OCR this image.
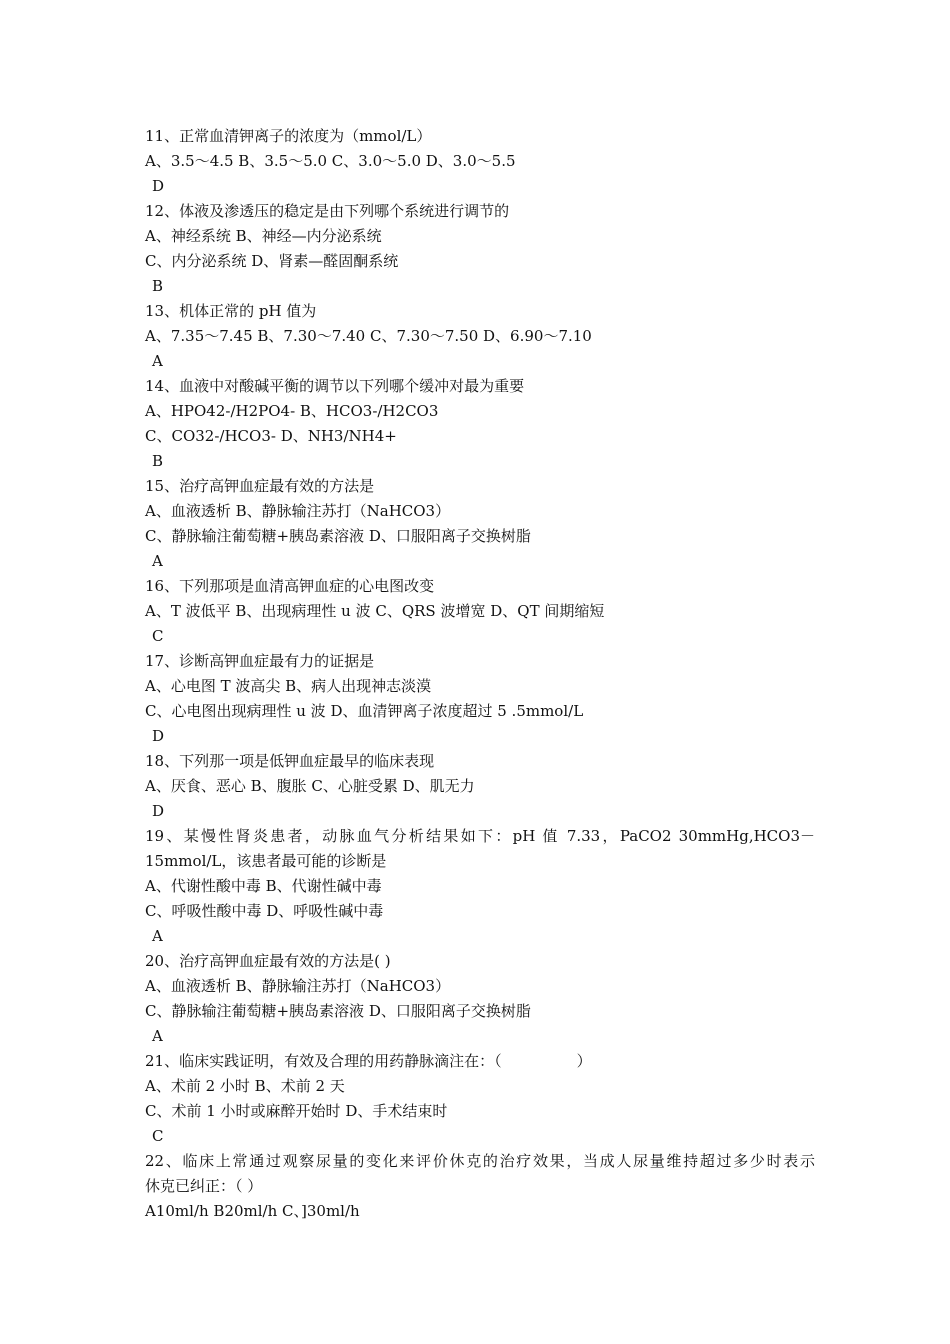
11、正常血清钾离子的浓度为（mmol/L）
A、3.5～4.5 B、3.5～5.0 C、3.0～5.0 D、3.0～5.5
D
12、体液及渗透压的稳定是由下列哪个系统进行调节的
A、神经系统 B、神经—内分泌系统
C、内分泌系统 D、肾素—醛固酮系统
B
13、机体正常的 pH 值为
A、7.35～7.45 B、7.30～7.40 C、7.30～7.50 D、6.90～7.10
A
14、血液中对酸碱平衡的调节以下列哪个缓冲对最为重要
A、HPO42-/H2PO4- B、HCO3-/H2CO3
C、CO32-/HCO3- D、NH3/NH4+
B
15、治疗高钾血症最有效的方法是
A、血液透析 B、静脉输注苏打（NaHCO3）
C、静脉输注葡萄糖+胰岛素溶液 D、口服阳离子交换树脂
A
16、下列那项是血清高钾血症的心电图改变
A、T 波低平 B、出现病理性 u 波 C、QRS 波增宽 D、QT 间期缩短
C
17、诊断高钾血症最有力的证据是
A、心电图 T 波高尖 B、病人出现神志淡漠
C、心电图出现病理性 u 波 D、血清钾离子浓度超过 5 .5mmol/L
D
18、下列那一项是低钾血症最早的临床表现
A、厌食、恶心 B、腹胀 C、心脏受累 D、肌无力
D
19、某慢性肾炎患者，动脉血气分析结果如下：pH 值 7.33，PaCO2 30mmHg,HCO3－
15mmol/L，该患者最可能的诊断是
A、代谢性酸中毒 B、代谢性碱中毒
C、呼吸性酸中毒 D、呼吸性碱中毒
A
20、治疗高钾血症最有效的方法是( )
A、血液透析 B、静脉输注苏打（NaHCO3）
C、静脉输注葡萄糖+胰岛素溶液 D、口服阳离子交换树脂
A
21、临床实践证明，有效及合理的用药静脉滴注在：（　　　　　）
A、术前 2 小时 B、术前 2 天
C、术前 1 小时或麻醉开始时 D、手术结束时
C
22、临床上常通过观察尿量的变化来评价休克的治疗效果，当成人尿量维持超过多少时表示
休克已纠正：（ ）
A10ml/h B20ml/h C、]30ml/h
